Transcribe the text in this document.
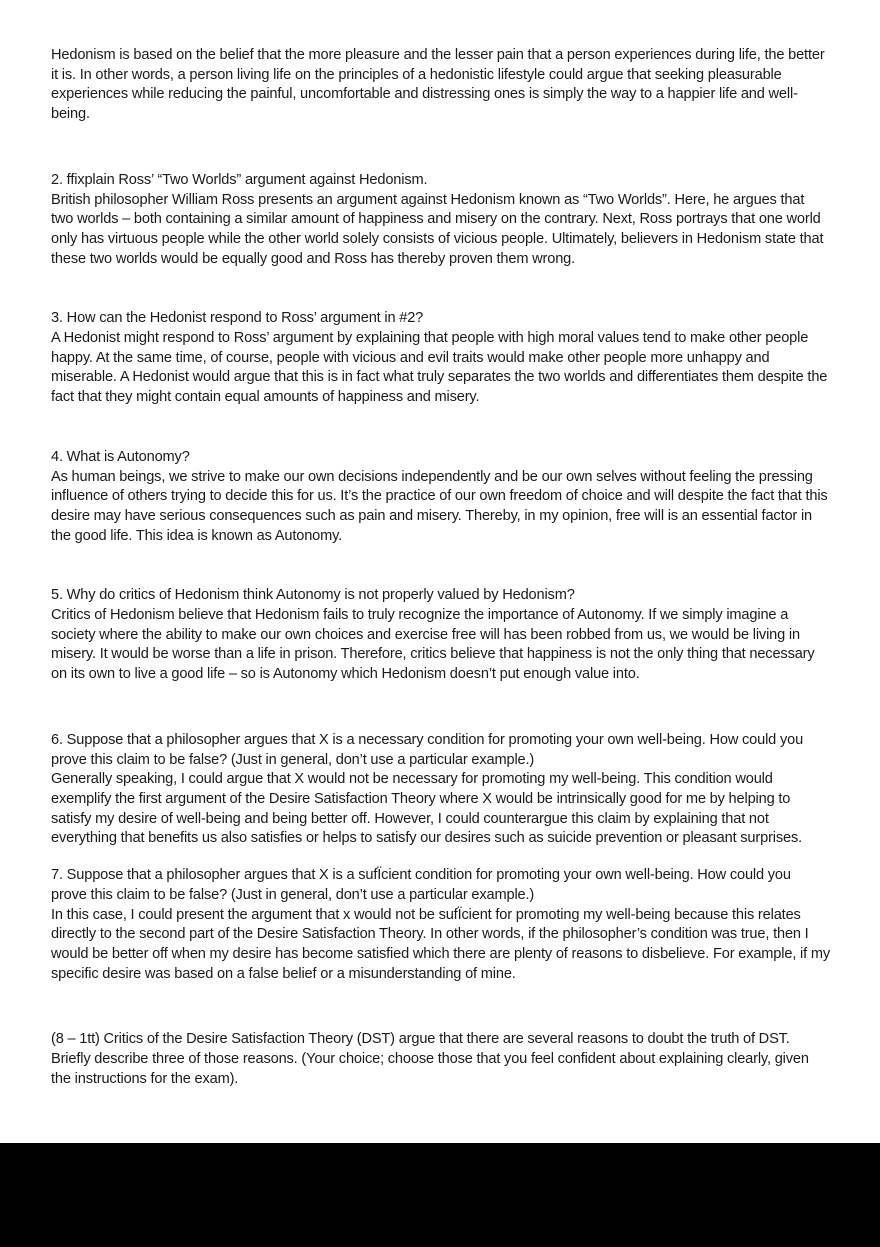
Hedonism is based on the belief that the more pleasure and the lesser pain that a person experiences during life, the better it is. In other words, a person living life on the principles of a hedonistic lifestyle could argue that seeking pleasurable experiences while reducing the painful, uncomfortable and distressing ones is simply the way to a happier life and well-being.

2. ffixplain Ross’ “Two Worlds” argument against Hedonism.

British philosopher William Ross presents an argument against Hedonism known as “Two Worlds”. Here, he argues that two worlds – both containing a similar amount of happiness and misery on the contrary. Next, Ross portrays that one world only has virtuous people while the other world solely consists of vicious people. Ultimately, believers in Hedonism state that these two worlds would be equally good and Ross has thereby proven them wrong.

3. How can the Hedonist respond to Ross’ argument in #2?

A Hedonist might respond to Ross’ argument by explaining that people with high moral values tend to make other people happy. At the same time, of course, people with vicious and evil traits would make other people more unhappy and miserable. A Hedonist would argue that this is in fact what truly separates the two worlds and differentiates them despite the fact that they might contain equal amounts of happiness and misery.

4. What is Autonomy?

As human beings, we strive to make our own decisions independently and be our own selves without feeling the pressing influence of others trying to decide this for us. It’s the practice of our own freedom of choice and will despite the fact that this desire may have serious consequences such as pain and misery. Thereby, in my opinion, free will is an essential factor in the good life. This idea is known as Autonomy.

5. Why do critics of Hedonism think Autonomy is not properly valued by Hedonism?

Critics of Hedonism believe that Hedonism fails to truly recognize the importance of Autonomy. If we simply imagine a society where the ability to make our own choices and exercise free will has been robbed from us, we would be living in misery. It would be worse than a life in prison. Therefore, critics believe that happiness is not the only thing that necessary on its own to live a good life – so is Autonomy which Hedonism doesn’t put enough value into.

6. Suppose that a philosopher argues that X is a necessary condition for promoting your own well-being. How could you prove this claim to be false? (Just in general, don’t use a particular example.)

Generally speaking, I could argue that X would not be necessary for promoting my well-being. This condition would exemplify the first argument of the Desire Satisfaction Theory where X would be intrinsically good for me by helping to satisfy my desire of well-being and being better off. However, I could counterargue this claim by explaining that not everything that benefits us also satisfies or helps to satisfy our desires such as suicide prevention or pleasant surprises.

7. Suppose that a philosopher argues that X is a sufÏcient condition for promoting your own well-being. How could you prove this claim to be false? (Just in general, don’t use a particular example.)

In this case, I could present the argument that x would not be sufÏcient for promoting my well-being because this relates directly to the second part of the Desire Satisfaction Theory. In other words, if the philosopher’s condition was true, then I would be better off when my desire has become satisfied which there are plenty of reasons to disbelieve. For example, if my specific desire was based on a false belief or a misunderstanding of mine.

(8 – 1tt) Critics of the Desire Satisfaction Theory (DST) argue that there are several reasons to doubt the truth of DST. Briefly describe three of those reasons. (Your choice; choose those that you feel confident about explaining clearly, given the instructions for the exam).
